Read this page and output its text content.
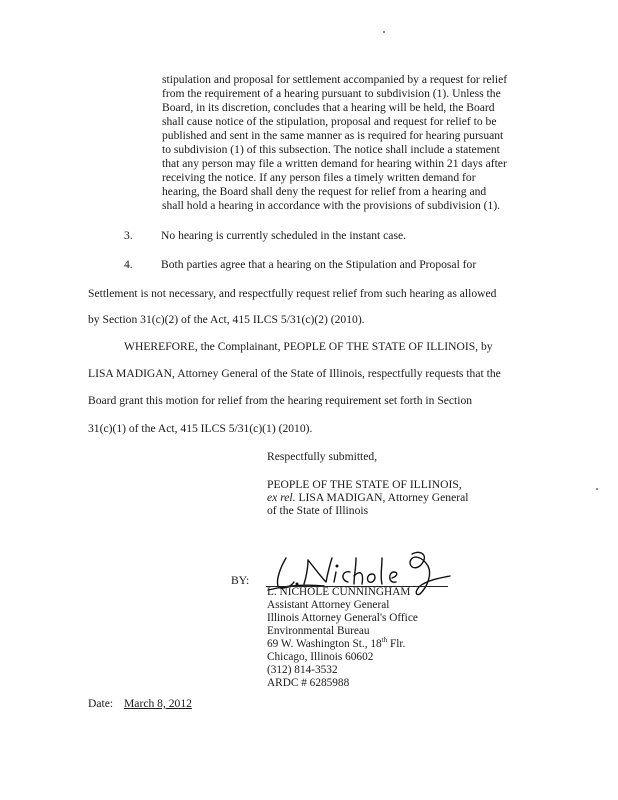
stipulation and proposal for settlement accompanied by a request for relief

from the requirement of a hearing pursuant to subdivision (1). Unless the

Board, in its discretion, concludes that a hearing will be held, the Board

shall cause notice of the stipulation, proposal and request for relief to be

published and sent in the same manner as is required for hearing pursuant

to subdivision (1) of this subsection. The notice shall include a statement

that any person may file a written demand for hearing within 21 days after

receiving the notice. If any person files a timely written demand for

hearing, the Board shall deny the request for relief from a hearing and

shall hold a hearing in accordance with the provisions of subdivision (1).

3. No hearing is currently scheduled in the instant case.
4. Both parties agree that a hearing on the Stipulation and Proposal for
Settlement is not necessary, and respectfully request relief from such hearing as allowed
by Section 31(c)(2) of the Act, 415 ILCS 5/31(c)(2) (2010).
WHEREFORE, the Complainant, PEOPLE OF THE STATE OF ILLINOIS, by
LISA MADIGAN, Attorney General of the State of Illinois, respectfully requests that the
Board grant this motion for relief from the hearing requirement set forth in Section
31(c)(1) of the Act, 415 ILCS 5/31(c)(1) (2010).
Respectfully submitted,
PEOPLE OF THE STATE OF ILLINOIS,
ex rel. LISA MADIGAN, Attorney General
of the State of Illinois
BY:
L. NICHOLE CUNNINGHAM
Assistant Attorney General
Illinois Attorney General's Office
Environmental Bureau
69 W. Washington St., 18th Flr.
Chicago, Illinois 60602
(312) 814-3532
ARDC # 6285988
Date: March 8, 2012
